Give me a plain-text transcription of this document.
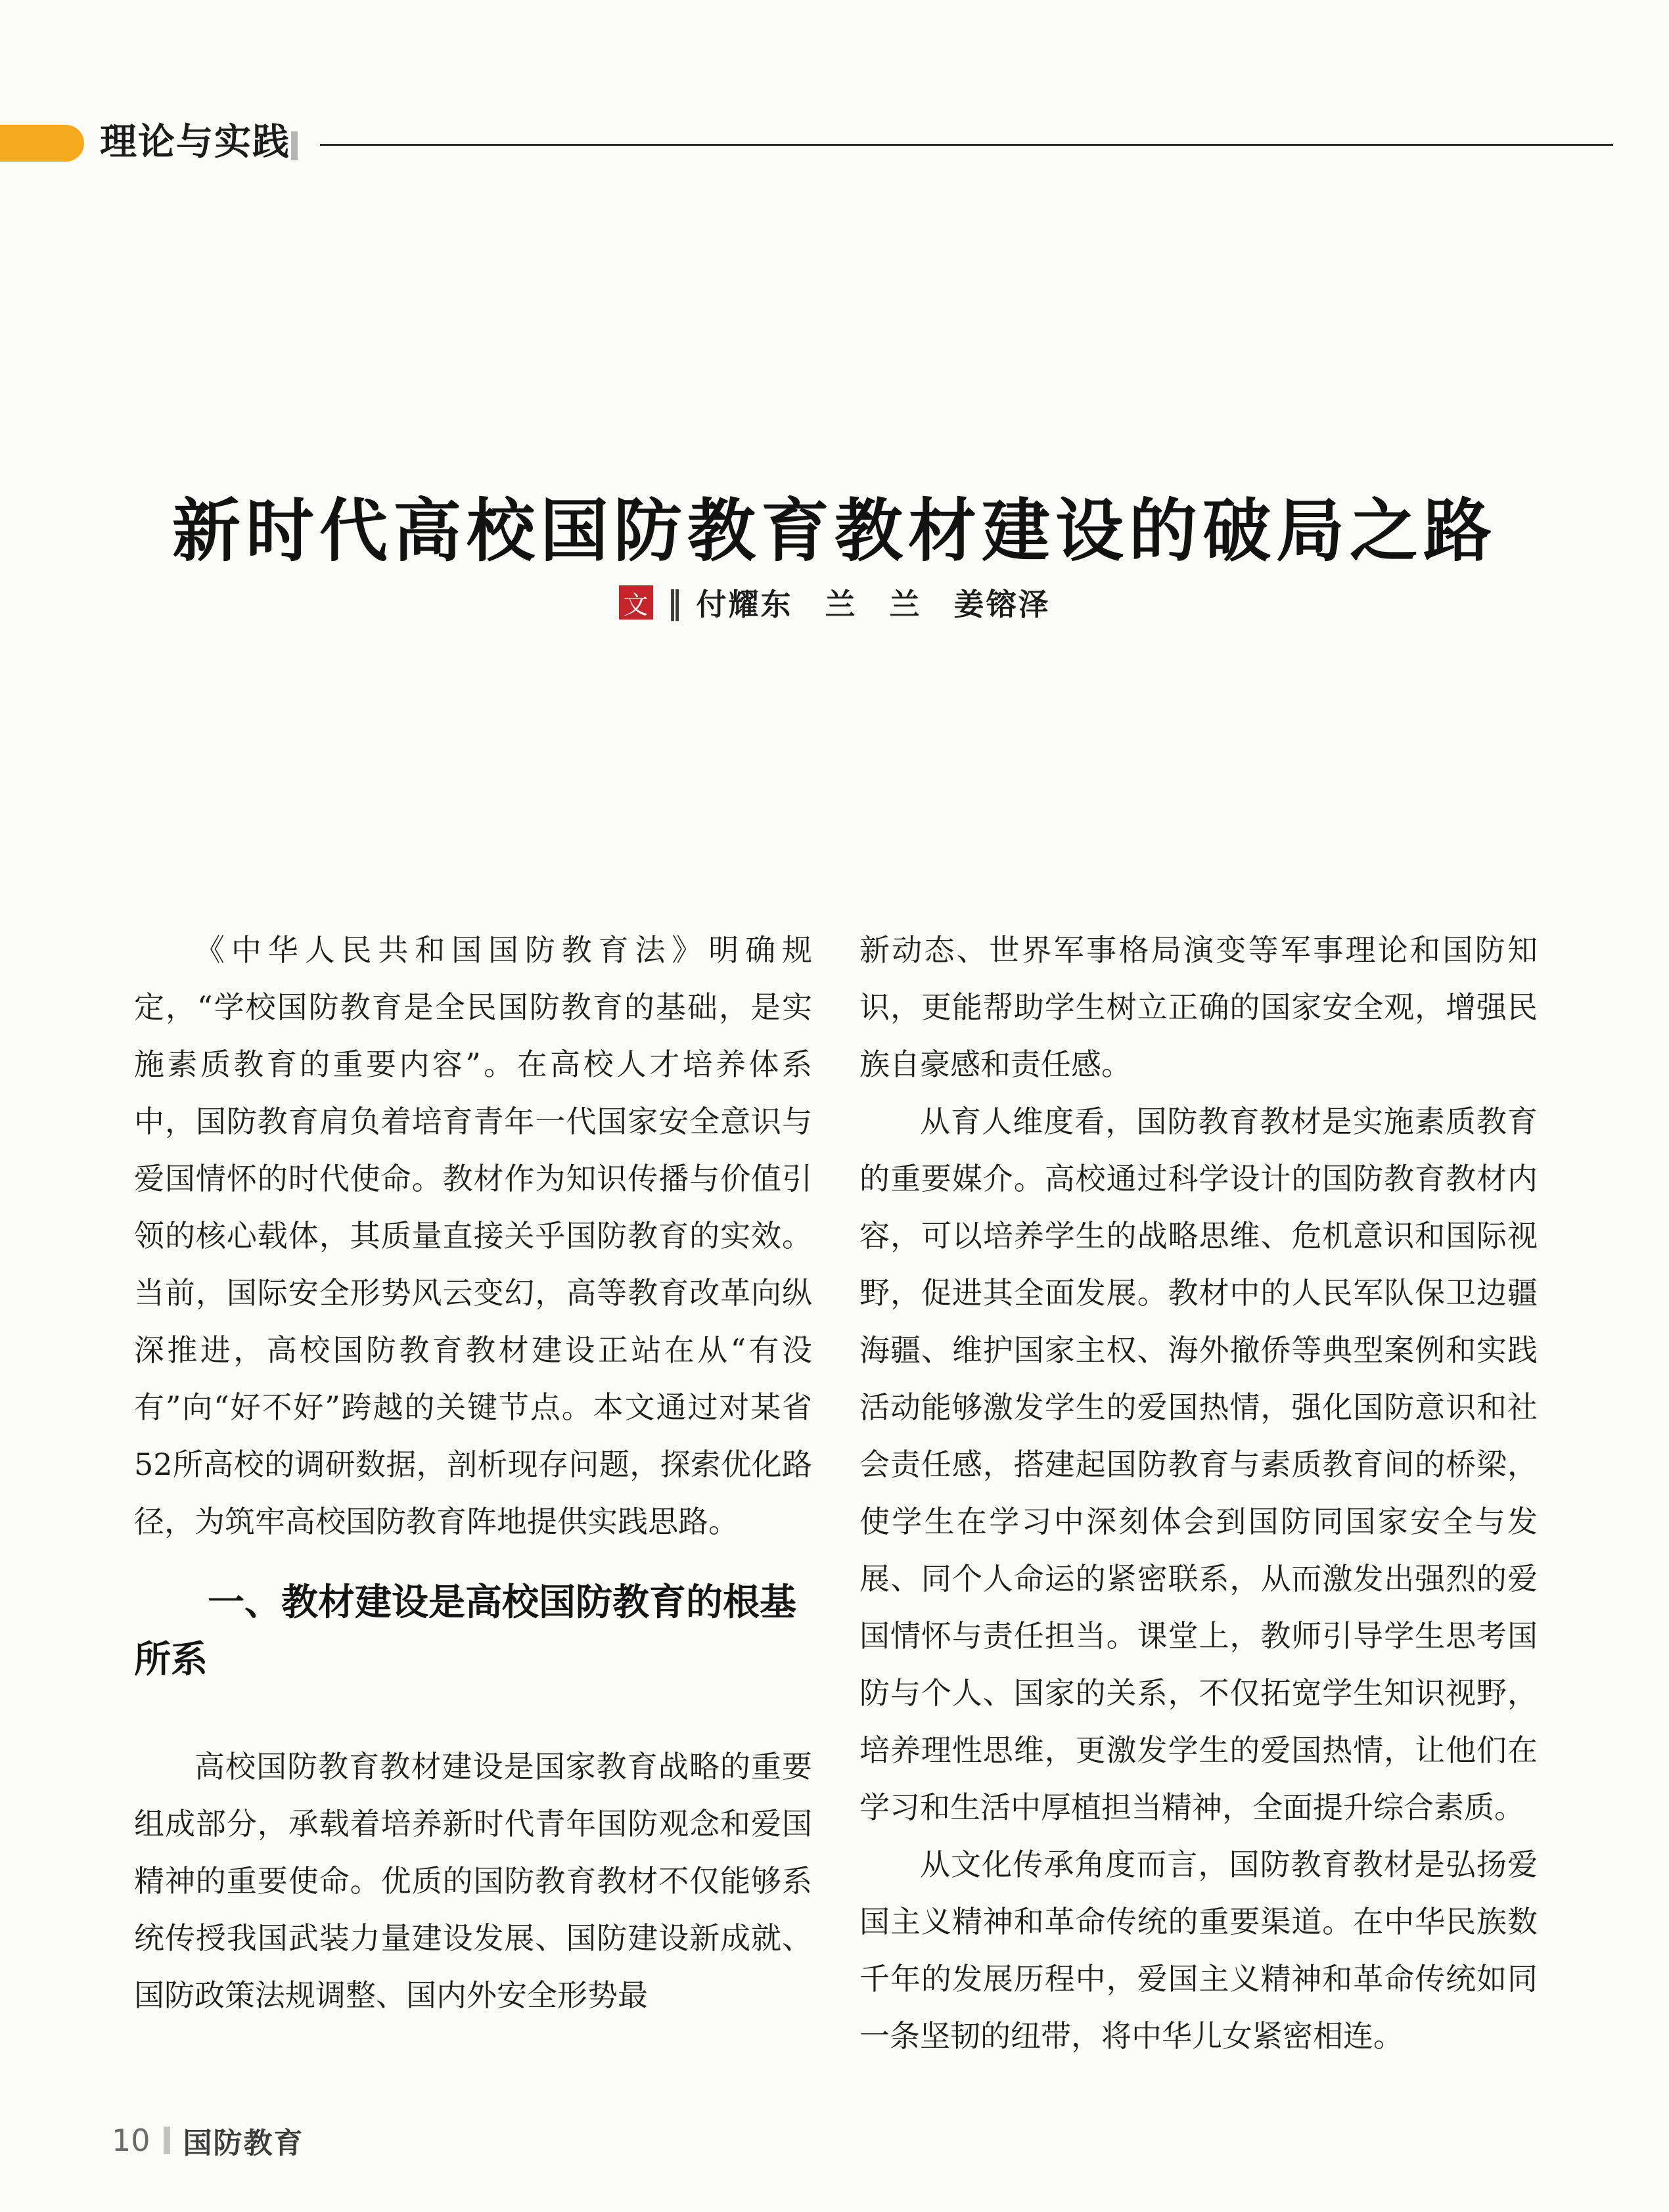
理论与实践
新时代高校国防教育教材建设的破局之路
文 ‖ 付耀东　兰　兰　姜镕泽

《中华人民共和国国防教育法》明确规定，“学校国防教育是全民国防教育的基础，是实施素质教育的重要内容”。在高校人才培养体系中，国防教育肩负着培育青年一代国家安全意识与爱国情怀的时代使命。教材作为知识传播与价值引领的核心载体，其质量直接关乎国防教育的实效。当前，国际安全形势风云变幻，高等教育改革向纵深推进，高校国防教育教材建设正站在从“有没有”向“好不好”跨越的关键节点。本文通过对某省52所高校的调研数据，剖析现存问题，探索优化路径，为筑牢高校国防教育阵地提供实践思路。

一、教材建设是高校国防教育的根基所系

高校国防教育教材建设是国家教育战略的重要组成部分，承载着培养新时代青年国防观念和爱国精神的重要使命。优质的国防教育教材不仅能够系统传授我国武装力量建设发展、国防建设新成就、国防政策法规调整、国内外安全形势最

新动态、世界军事格局演变等军事理论和国防知识，更能帮助学生树立正确的国家安全观，增强民族自豪感和责任感。

从育人维度看，国防教育教材是实施素质教育的重要媒介。高校通过科学设计的国防教育教材内容，可以培养学生的战略思维、危机意识和国际视野，促进其全面发展。教材中的人民军队保卫边疆海疆、维护国家主权、海外撤侨等典型案例和实践活动能够激发学生的爱国热情，强化国防意识和社会责任感，搭建起国防教育与素质教育间的桥梁，使学生在学习中深刻体会到国防同国家安全与发展、同个人命运的紧密联系，从而激发出强烈的爱国情怀与责任担当。课堂上，教师引导学生思考国防与个人、国家的关系，不仅拓宽学生知识视野，培养理性思维，更激发学生的爱国热情，让他们在学习和生活中厚植担当精神，全面提升综合素质。

从文化传承角度而言，国防教育教材是弘扬爱国主义精神和革命传统的重要渠道。在中华民族数千年的发展历程中，爱国主义精神和革命传统如同一条坚韧的纽带，将中华儿女紧密相连。

10 国防教育
